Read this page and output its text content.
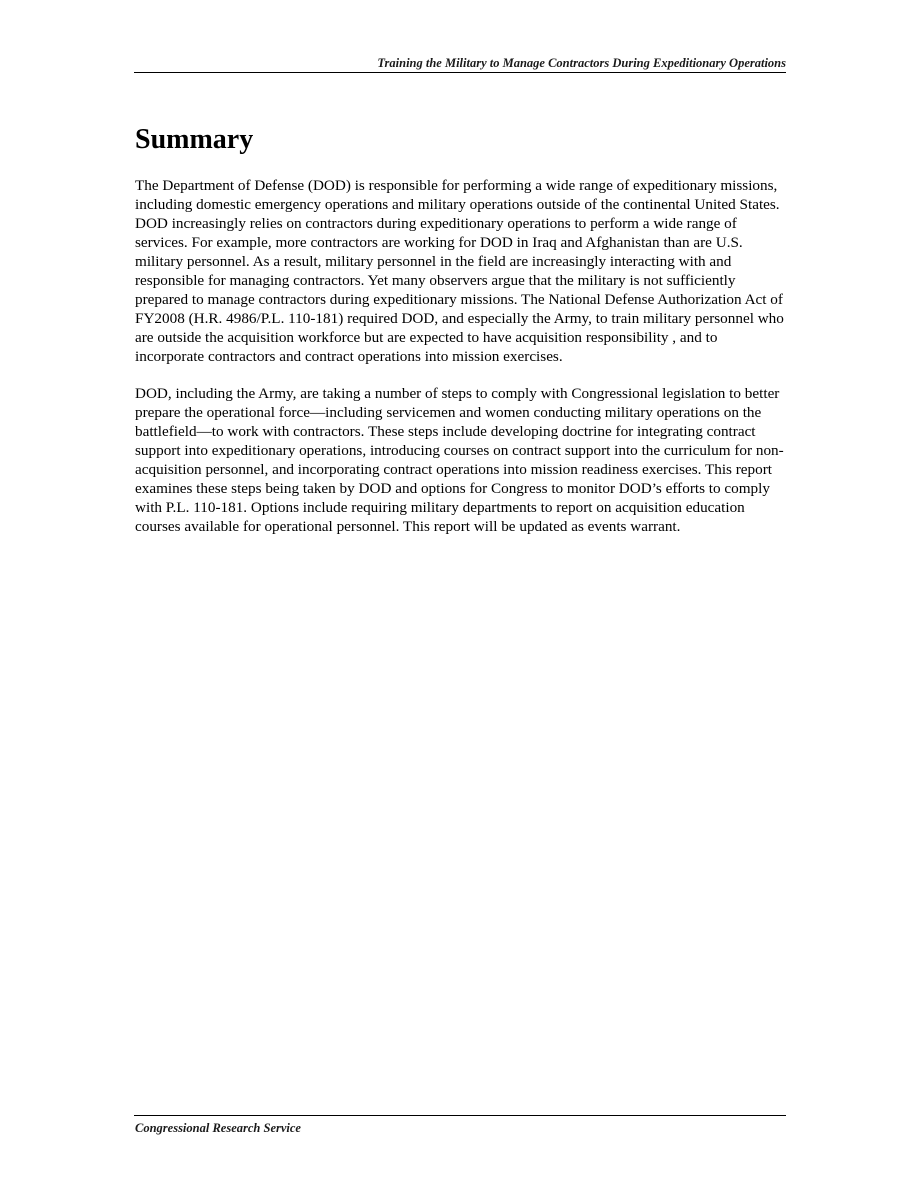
Training the Military to Manage Contractors During Expeditionary Operations
Summary

The Department of Defense (DOD) is responsible for performing a wide range of expeditionary missions, including domestic emergency operations and military operations outside of the continental United States. DOD increasingly relies on contractors during expeditionary operations to perform a wide range of services. For example, more contractors are working for DOD in Iraq and Afghanistan than are U.S. military personnel. As a result, military personnel in the field are increasingly interacting with and responsible for managing contractors. Yet many observers argue that the military is not sufficiently prepared to manage contractors during expeditionary missions. The National Defense Authorization Act of FY2008 (H.R. 4986/P.L. 110-181) required DOD, and especially the Army, to train military personnel who are outside the acquisition workforce but are expected to have acquisition responsibility , and to incorporate contractors and contract operations into mission exercises.

DOD, including the Army, are taking a number of steps to comply with Congressional legislation to better prepare the operational force—including servicemen and women conducting military operations on the battlefield—to work with contractors. These steps include developing doctrine for integrating contract support into expeditionary operations, introducing courses on contract support into the curriculum for non-acquisition personnel, and incorporating contract operations into mission readiness exercises. This report examines these steps being taken by DOD and options for Congress to monitor DOD’s efforts to comply with P.L. 110-181. Options include requiring military departments to report on acquisition education courses available for operational personnel. This report will be updated as events warrant.

Congressional Research Service
